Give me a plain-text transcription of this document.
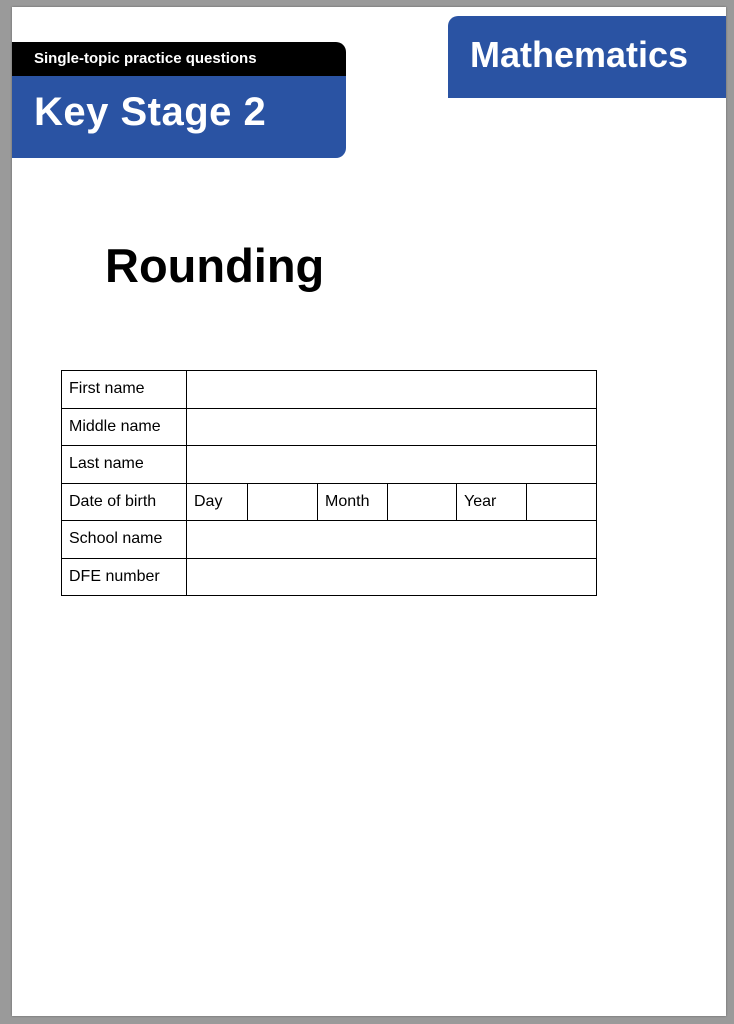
Single-topic practice questions
Key Stage 2
Mathematics
Rounding
First name						
Middle name						
Last name						
Date of birth	Day		Month		Year	
School name						
DFE number						
